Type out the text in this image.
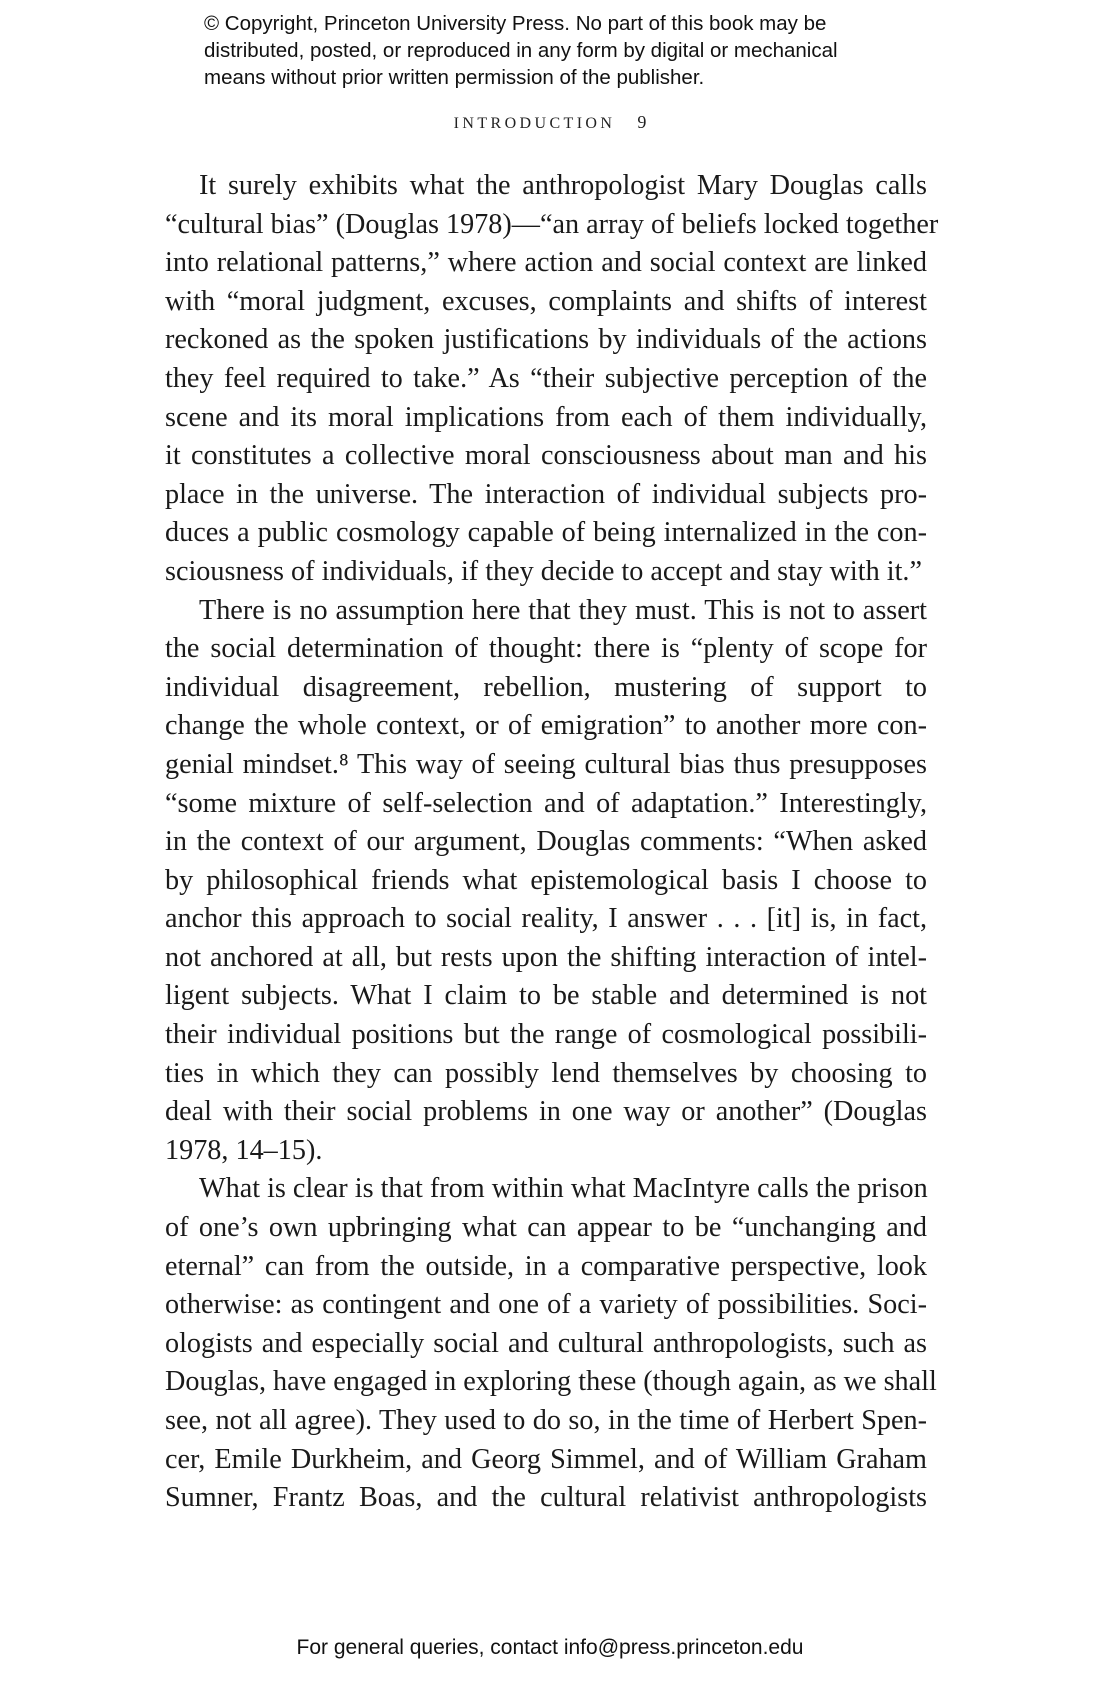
© Copyright, Princeton University Press. No part of this book may be
distributed, posted, or reproduced in any form by digital or mechanical
means without prior written permission of the publisher.
INTRODUCTION 9
It surely exhibits what the anthropologist Mary Douglas calls
“cultural bias” (Douglas 1978)—“an array of beliefs locked together
into relational patterns,” where action and social context are linked
with “moral judgment, excuses, complaints and shifts of interest
reckoned as the spoken justifications by individuals of the actions
they feel required to take.” As “their subjective perception of the
scene and its moral implications from each of them individually,
it constitutes a collective moral consciousness about man and his
place in the universe. The interaction of individual subjects pro-
duces a public cosmology capable of being internalized in the con-
sciousness of individuals, if they decide to accept and stay with it.”
There is no assumption here that they must. This is not to assert
the social determination of thought: there is “plenty of scope for
individual disagreement, rebellion, mustering of support to
change the whole context, or of emigration” to another more con-
genial mindset.⁸ This way of seeing cultural bias thus presupposes
“some mixture of self-selection and of adaptation.” Interestingly,
in the context of our argument, Douglas comments: “When asked
by philosophical friends what epistemological basis I choose to
anchor this approach to social reality, I answer . . . [it] is, in fact,
not anchored at all, but rests upon the shifting interaction of intel-
ligent subjects. What I claim to be stable and determined is not
their individual positions but the range of cosmological possibili-
ties in which they can possibly lend themselves by choosing to
deal with their social problems in one way or another” (Douglas
1978, 14–15).
What is clear is that from within what MacIntyre calls the prison
of one’s own upbringing what can appear to be “unchanging and
eternal” can from the outside, in a comparative perspective, look
otherwise: as contingent and one of a variety of possibilities. Soci-
ologists and especially social and cultural anthropologists, such as
Douglas, have engaged in exploring these (though again, as we shall
see, not all agree). They used to do so, in the time of Herbert Spen-
cer, Emile Durkheim, and Georg Simmel, and of William Graham
Sumner, Frantz Boas, and the cultural relativist anthropologists
For general queries, contact info@press.princeton.edu
